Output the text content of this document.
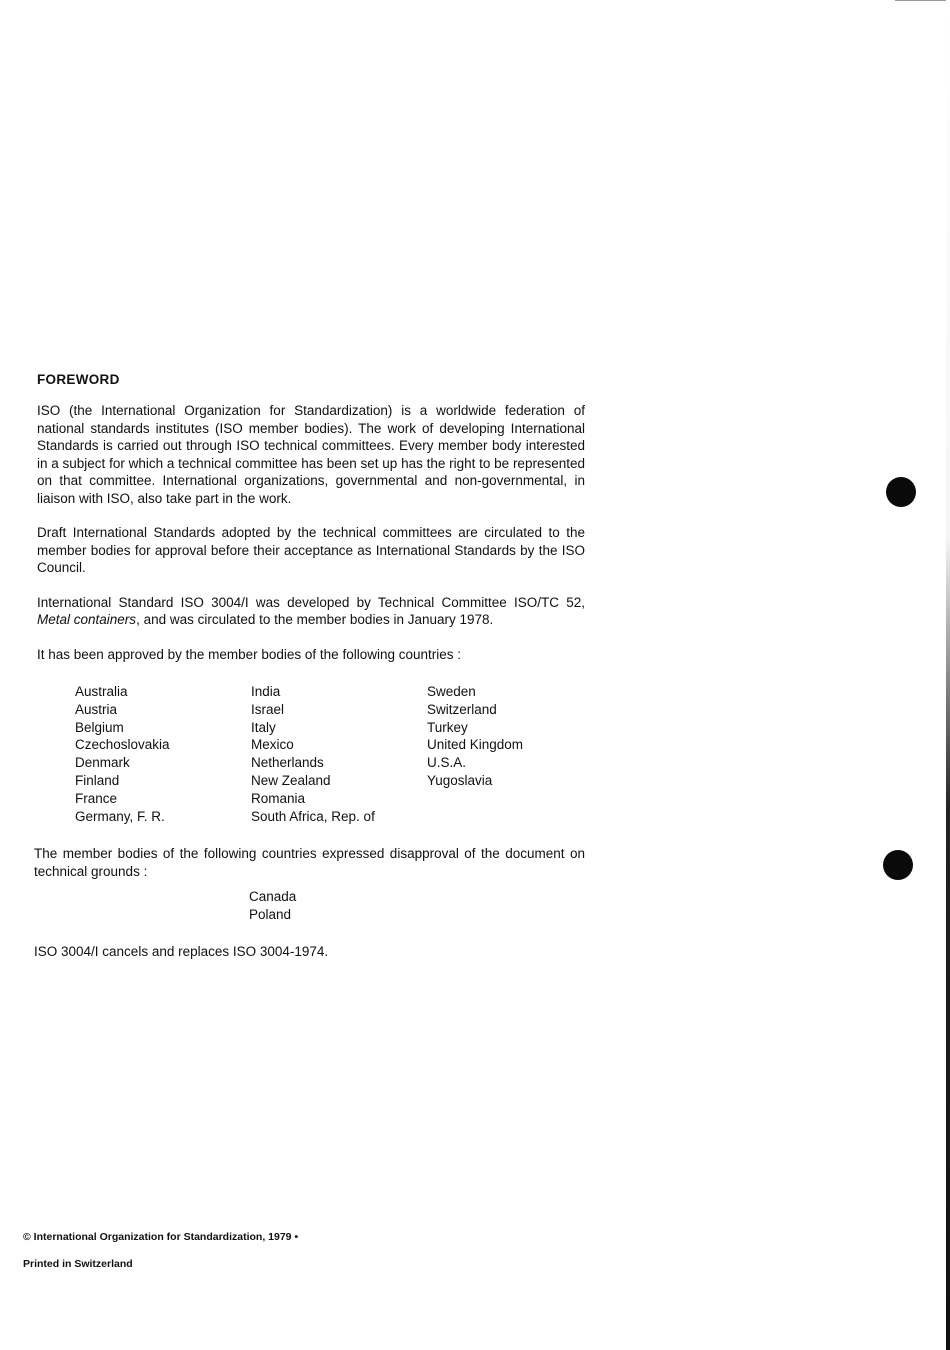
FOREWORD

ISO (the International Organization for Standardization) is a worldwide federation of national standards institutes (ISO member bodies). The work of developing International Standards is carried out through ISO technical committees. Every member body interested in a subject for which a technical committee has been set up has the right to be represented on that committee. International organizations, governmental and non-governmental, in liaison with ISO, also take part in the work.

Draft International Standards adopted by the technical committees are circulated to the member bodies for approval before their acceptance as International Standards by the ISO Council.

International Standard ISO 3004/I was developed by Technical Committee ISO/TC 52, Metal containers, and was circulated to the member bodies in January 1978.

It has been approved by the member bodies of the following countries :

Australia
Austria
Belgium
Czechoslovakia
Denmark
Finland
France
Germany, F. R.
India
Israel
Italy
Mexico
Netherlands
New Zealand
Romania
South Africa, Rep. of
Sweden
Switzerland
Turkey
United Kingdom
U.S.A.
Yugoslavia

The member bodies of the following countries expressed disapproval of the document on technical grounds :

Canada
Poland

ISO 3004/I cancels and replaces ISO 3004-1974.

© International Organization for Standardization, 1979 •
Printed in Switzerland
